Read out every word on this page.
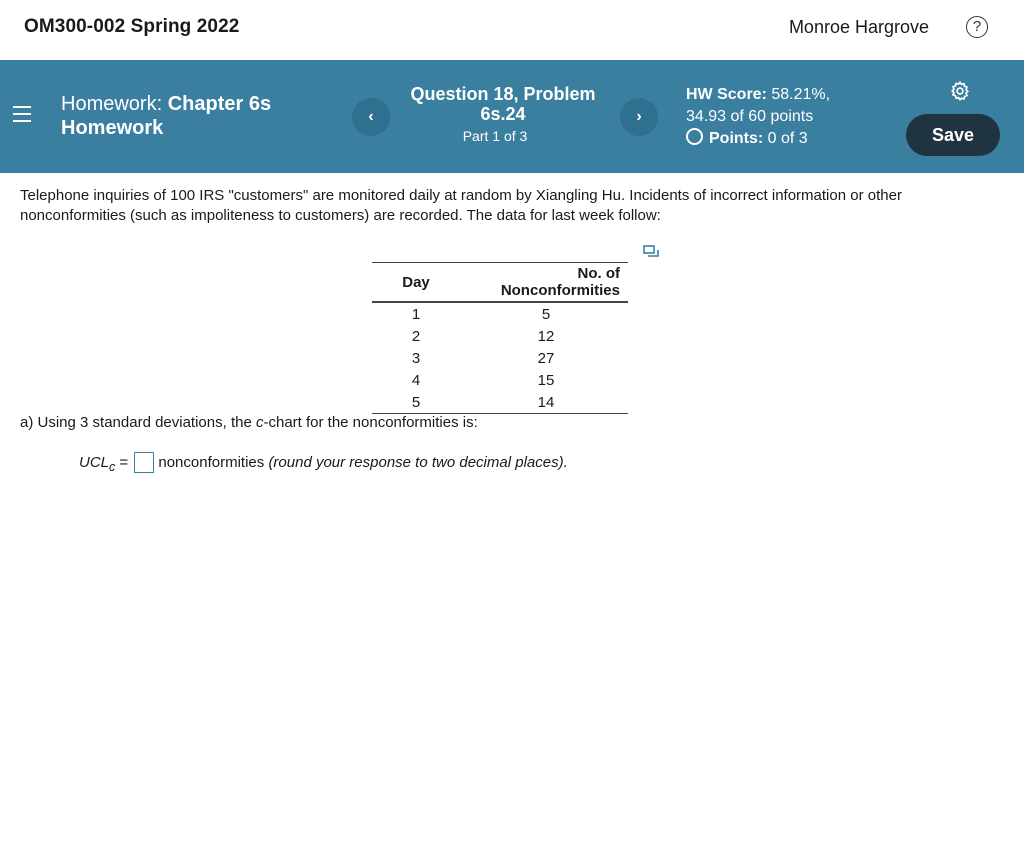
OM300-002 Spring 2022	Monroe Hargrove	?
Homework: Chapter 6s
Homework
‹
Question 18, Problem
6s.24
Part 1 of 3
›
HW Score: 58.21%,
34.93 of 60 points
Points: 0 of 3	Save
Telephone inquiries of 100 IRS "customers" are monitored daily at random by Xiangling Hu. Incidents of incorrect information or other nonconformities (such as impoliteness to customers) are recorded. The data for last week follow:
Day	No. of Nonconformities
1	5
2	12
3	27
4	15
5	14
a) Using 3 standard deviations, the c-chart for the nonconformities is:
$UCL_c$ = nonconformities (round your response to two decimal places).
